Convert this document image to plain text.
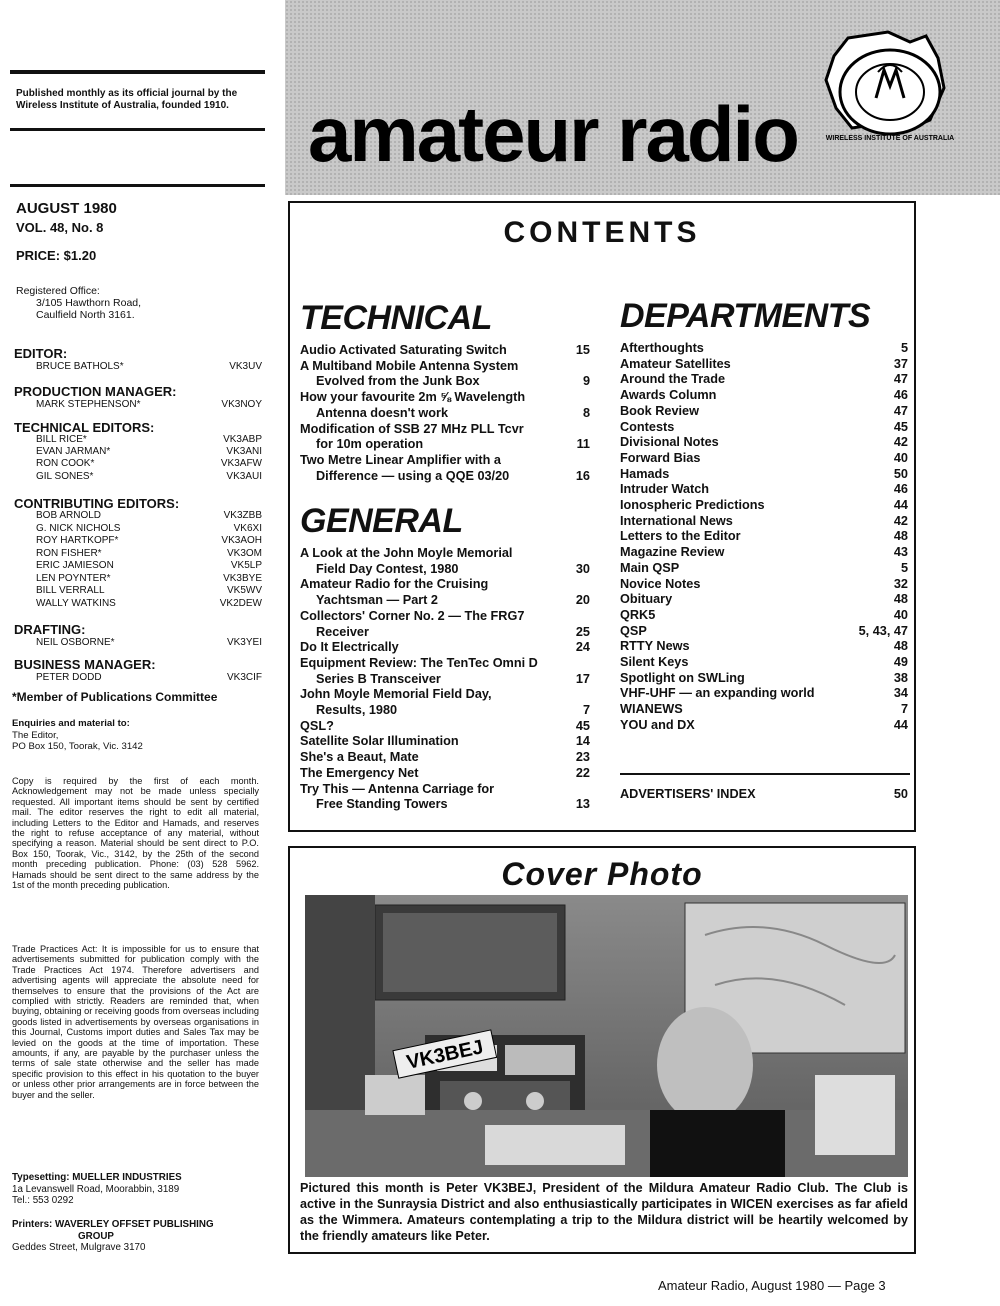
amateur radio	WIRELESS INSTITUTE OF AUSTRALIA
Published monthly as its official journal by the Wireless Institute of Australia, founded 1910.
AUGUST 1980
VOL. 48, No. 8
PRICE: $1.20
Registered Office:
3/105 Hawthorn Road,
Caulfield North 3161.
EDITOR:
BRUCE BATHOLS*	VK3UV
PRODUCTION MANAGER:
MARK STEPHENSON*	VK3NOY
TECHNICAL EDITORS:
BILL RICE*	VK3ABP
EVAN JARMAN*	VK3ANI
RON COOK*	VK3AFW
GIL SONES*	VK3AUI
CONTRIBUTING EDITORS:
BOB ARNOLD	VK3ZBB
G. NICK NICHOLS	VK6XI
ROY HARTKOPF*	VK3AOH
RON FISHER*	VK3OM
ERIC JAMIESON	VK5LP
LEN POYNTER*	VK3BYE
BILL VERRALL	VK5WV
WALLY WATKINS	VK2DEW
DRAFTING:
NEIL OSBORNE*	VK3YEI
BUSINESS MANAGER:
PETER DODD	VK3CIF
*Member of Publications Committee
Enquiries and material to:
The Editor,
PO Box 150, Toorak, Vic. 3142
Copy is required by the first of each month. Acknowledgement may not be made unless specially requested. All important items should be sent by certified mail. The editor reserves the right to edit all material, including Letters to the Editor and Hamads, and reserves the right to refuse acceptance of any material, without specifying a reason. Material should be sent direct to P.O. Box 150, Toorak, Vic., 3142, by the 25th of the second month preceding publication. Phone: (03) 528 5962. Hamads should be sent direct to the same address by the 1st of the month preceding publication.
Trade Practices Act: It is impossible for us to ensure that advertisements submitted for publication comply with the Trade Practices Act 1974. Therefore advertisers and advertising agents will appreciate the absolute need for themselves to ensure that the provisions of the Act are complied with strictly. Readers are reminded that, when buying, obtaining or receiving goods from overseas including goods listed in advertisements by overseas organisations in this Journal, Customs import duties and Sales Tax may be levied on the goods at the time of importation. These amounts, if any, are payable by the purchaser unless the terms of sale state otherwise and the seller has made specific provision to this effect in his quotation to the buyer or unless other prior arrangements are in force between the buyer and the seller.
Typesetting: MUELLER INDUSTRIES
1a Levanswell Road, Moorabbin, 3189
Tel.: 553 0292
Printers: WAVERLEY OFFSET PUBLISHING
GROUP
Geddes Street, Mulgrave 3170
CONTENTS
TECHNICAL
Audio Activated Saturating Switch	15
A Multiband Mobile Antenna System
Evolved from the Junk Box	9
How your favourite 2m ⅝ Wavelength
Antenna doesn't work	8
Modification of SSB 27 MHz PLL Tcvr
for 10m operation	11
Two Metre Linear Amplifier with a
Difference — using a QQE 03/20	16
GENERAL
A Look at the John Moyle Memorial
Field Day Contest, 1980	30
Amateur Radio for the Cruising
Yachtsman — Part 2	20
Collectors' Corner No. 2 — The FRG7
Receiver	25
Do It Electrically	24
Equipment Review: The TenTec Omni D
Series B Transceiver	17
John Moyle Memorial Field Day,
Results, 1980	7
QSL?	45
Satellite Solar Illumination	14
She's a Beaut, Mate	23
The Emergency Net	22
Try This — Antenna Carriage for
Free Standing Towers	13
DEPARTMENTS
Afterthoughts	5
Amateur Satellites	37
Around the Trade	47
Awards Column	46
Book Review	47
Contests	45
Divisional Notes	42
Forward Bias	40
Hamads	50
Intruder Watch	46
Ionospheric Predictions	44
International News	42
Letters to the Editor	48
Magazine Review	43
Main QSP	5
Novice Notes	32
Obituary	48
QRK5	40
QSP	5, 43, 47
RTTY News	48
Silent Keys	49
Spotlight on SWLing	38
VHF-UHF — an expanding world	34
WIANEWS	7
YOU and DX	44
ADVERTISERS' INDEX	50
Cover Photo
VK3BEJ
Pictured this month is Peter VK3BEJ, President of the Mildura Amateur Radio Club. The Club is active in the Sunraysia District and also enthusiastically participates in WICEN exercises as far afield as the Wimmera. Amateurs contemplating a trip to the Mildura district will be heartily welcomed by the friendly amateurs like Peter.
Amateur Radio, August 1980 — Page 3
